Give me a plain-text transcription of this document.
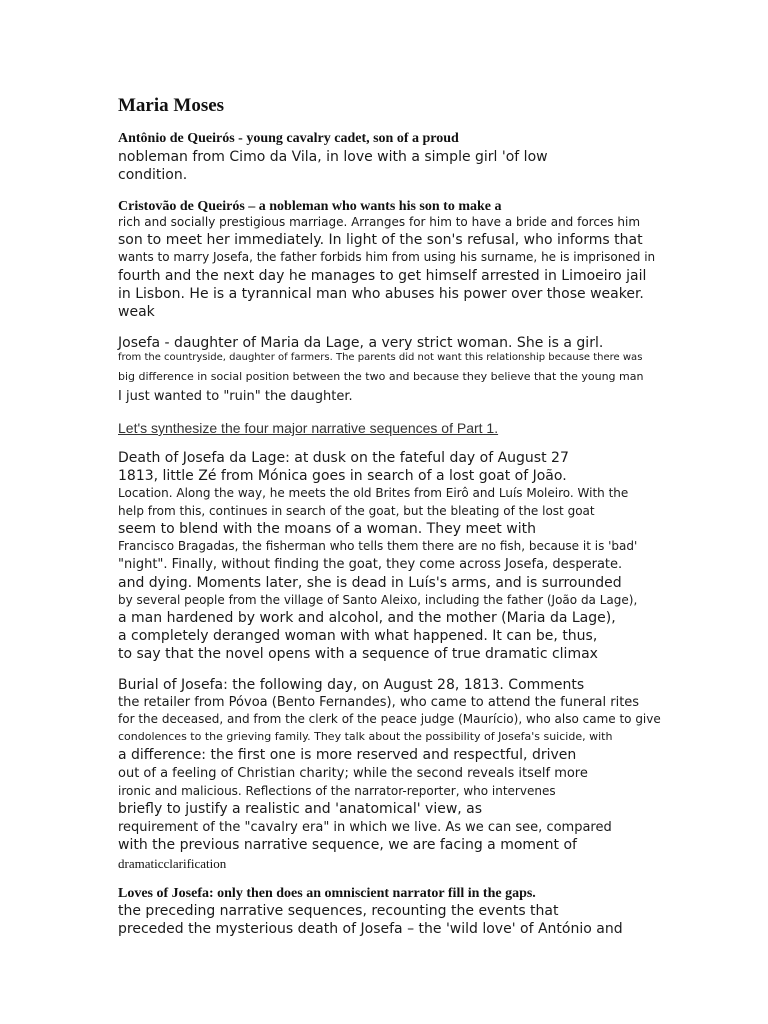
Maria Moses
Antônio de Queirós - young cavalry cadet, son of a proud
nobleman from Cimo da Vila, in love with a simple girl 'of low
condition.
Cristovão de Queirós – a nobleman who wants his son to make a
rich and socially prestigious marriage. Arranges for him to have a bride and forces him
son to meet her immediately. In light of the son's refusal, who informs that
wants to marry Josefa, the father forbids him from using his surname, he is imprisoned in
fourth and the next day he manages to get himself arrested in Limoeiro jail
in Lisbon. He is a tyrannical man who abuses his power over those weaker.
weak
Josefa - daughter of Maria da Lage, a very strict woman. She is a girl.
from the countryside, daughter of farmers. The parents did not want this relationship because there was
big difference in social position between the two and because they believe that the young man
I just wanted to "ruin" the daughter.
Let's synthesize the four major narrative sequences of Part 1.
Death of Josefa da Lage: at dusk on the fateful day of August 27
1813, little Zé from Mónica goes in search of a lost goat of João.
Location. Along the way, he meets the old Brites from Eirô and Luís Moleiro. With the
help from this, continues in search of the goat, but the bleating of the lost goat
seem to blend with the moans of a woman. They meet with
Francisco Bragadas, the fisherman who tells them there are no fish, because it is 'bad'
"night". Finally, without finding the goat, they come across Josefa, desperate.
and dying. Moments later, she is dead in Luís's arms, and is surrounded
by several people from the village of Santo Aleixo, including the father (João da Lage),
a man hardened by work and alcohol, and the mother (Maria da Lage),
a completely deranged woman with what happened. It can be, thus,
to say that the novel opens with a sequence of true dramatic climax
Burial of Josefa: the following day, on August 28, 1813. Comments
the retailer from Póvoa (Bento Fernandes), who came to attend the funeral rites
for the deceased, and from the clerk of the peace judge (Maurício), who also came to give
condolences to the grieving family. They talk about the possibility of Josefa's suicide, with
a difference: the first one is more reserved and respectful, driven
out of a feeling of Christian charity; while the second reveals itself more
ironic and malicious. Reflections of the narrator-reporter, who intervenes
briefly to justify a realistic and 'anatomical' view, as
requirement of the "cavalry era" in which we live. As we can see, compared
with the previous narrative sequence, we are facing a moment of
dramaticclarification
Loves of Josefa: only then does an omniscient narrator fill in the gaps.
the preceding narrative sequences, recounting the events that
preceded the mysterious death of Josefa – the 'wild love' of António and
